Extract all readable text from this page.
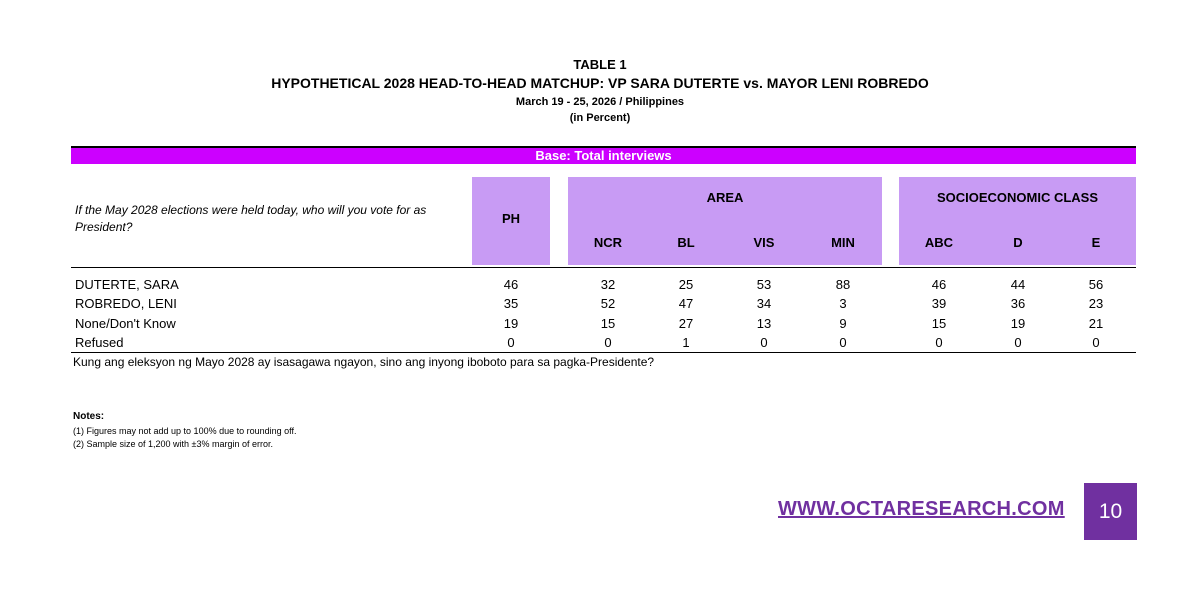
TABLE 1
HYPOTHETICAL 2028 HEAD-TO-HEAD MATCHUP: VP SARA DUTERTE vs. MAYOR LENI ROBREDO
March 19 - 25, 2026 / Philippines
(in Percent)
Base: Total interviews
If the May 2028 elections were held today, who will you vote for as President?
PH
AREA	SOCIOECONOMIC CLASS
NCR	BL	VIS	MIN	ABC	D	E
DUTERTE, SARA	46	32	25	53	88	46	44	56
ROBREDO, LENI	35	52	47	34	3	39	36	23
None/Don't Know	19	15	27	13	9	15	19	21
Refused	0	0	1	0	0	0	0	0
Kung ang eleksyon ng Mayo 2028 ay isasagawa ngayon, sino ang inyong iboboto para sa pagka-Presidente?
Notes:
(1) Figures may not add up to 100% due to rounding off.
(2) Sample size of 1,200 with ±3% margin of error.
WWW.OCTARESEARCH.COM	10
